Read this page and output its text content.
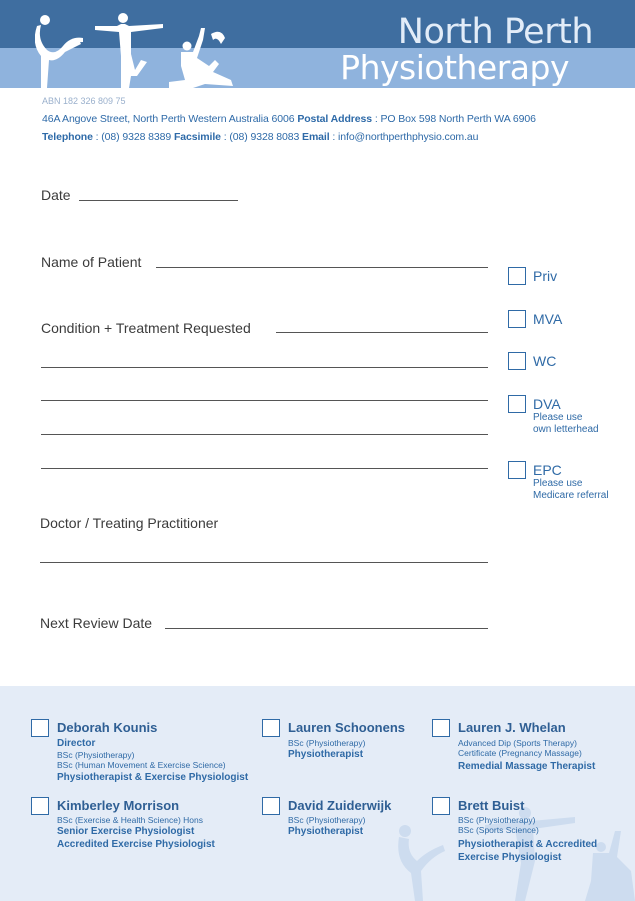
North Perth
Physiotherapy
ABN 182 326 809 75
46A Angove Street, North Perth Western Australia 6006 Postal Address : PO Box 598 North Perth WA 6906
Telephone : (08) 9328 8389 Facsimile : (08) 9328 8083 Email : info@northperthphysio.com.au
Date
Name of Patient
Condition + Treatment Requested
Doctor / Treating Practitioner
Next Review Date
Priv
MVA
WC
DVA
Please use
own letterhead
EPC
Please use
Medicare referral
Deborah Kounis
Director
BSc (Physiotherapy)
BSc (Human Movement & Exercise Science)
Physiotherapist & Exercise Physiologist
Lauren Schoonens
BSc (Physiotherapy)
Physiotherapist
Lauren J. Whelan
Advanced Dip (Sports Therapy)
Certificate (Pregnancy Massage)
Remedial Massage Therapist
Kimberley Morrison
BSc (Exercise & Health Science) Hons
Senior Exercise Physiologist
Accredited Exercise Physiologist
David Zuiderwijk
BSc (Physiotherapy)
Physiotherapist
Brett Buist
BSc (Physiotherapy)
BSc (Sports Science)
Physiotherapist & Accredited
Exercise Physiologist
